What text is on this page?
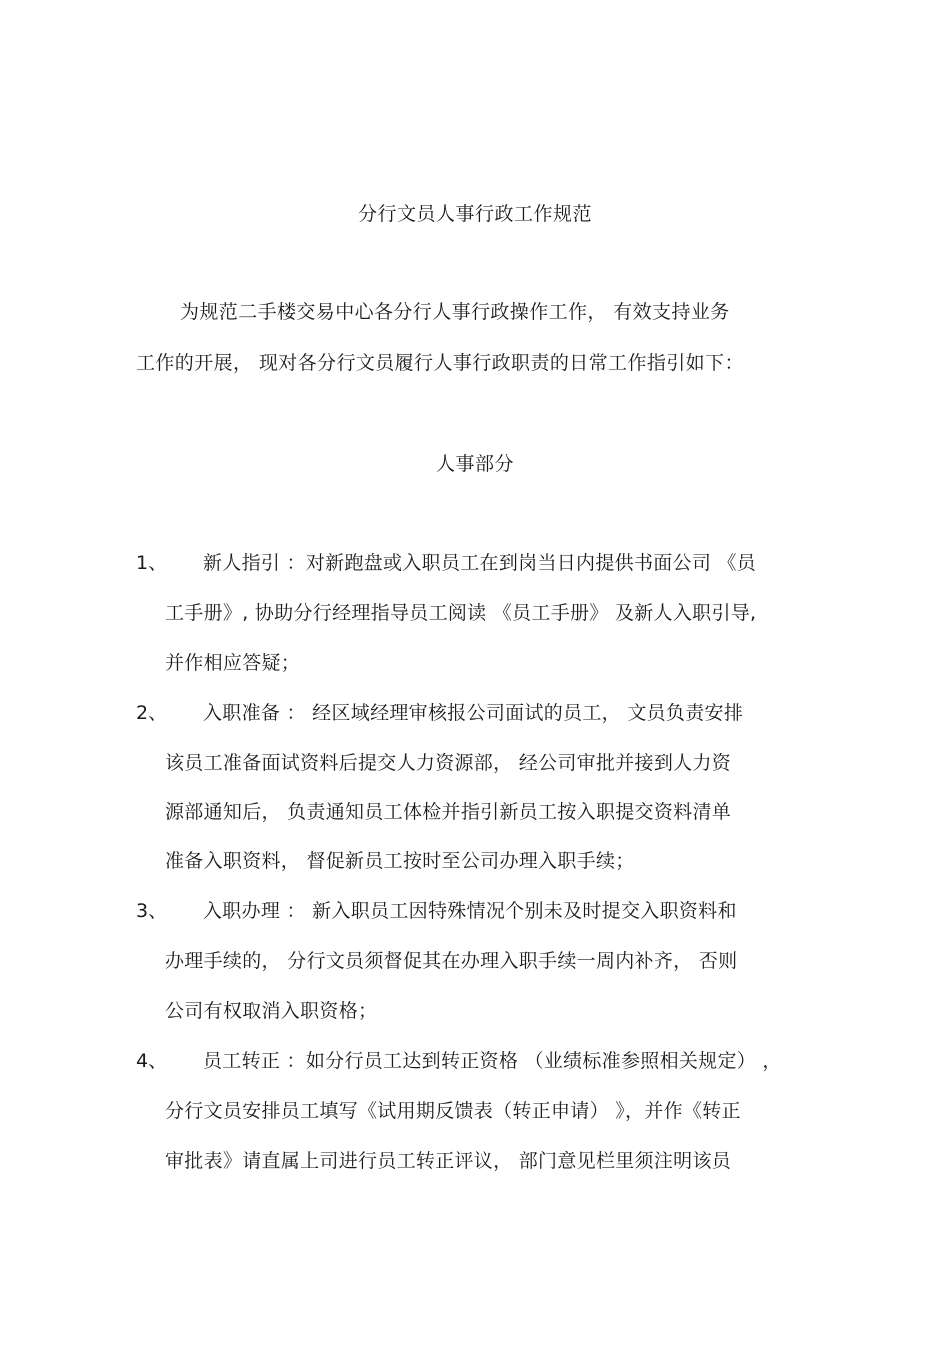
分行文员人事行政工作规范
为规范二手楼交易中心各分行人事行政操作工作， 有效支持业务
工作的开展， 现对各分行文员履行人事行政职责的日常工作指引如下：
人事部分
1、 新人指引 ：对新跑盘或入职员工在到岗当日内提供书面公司 《员
工手册》, 协助分行经理指导员工阅读 《员工手册》 及新人入职引导,
并作相应答疑；
2、 入职准备 ： 经区域经理审核报公司面试的员工， 文员负责安排
该员工准备面试资料后提交人力资源部， 经公司审批并接到人力资
源部通知后， 负责通知员工体检并指引新员工按入职提交资料清单
准备入职资料， 督促新员工按时至公司办理入职手续；
3、 入职办理 ： 新入职员工因特殊情况个别未及时提交入职资料和
办理手续的， 分行文员须督促其在办理入职手续一周内补齐， 否则
公司有权取消入职资格；
4、 员工转正 ：如分行员工达到转正资格 （业绩标准参照相关规定） ，
分行文员安排员工填写《试用期反馈表（转正申请） 》，并作《转正
审批表》请直属上司进行员工转正评议， 部门意见栏里须注明该员
